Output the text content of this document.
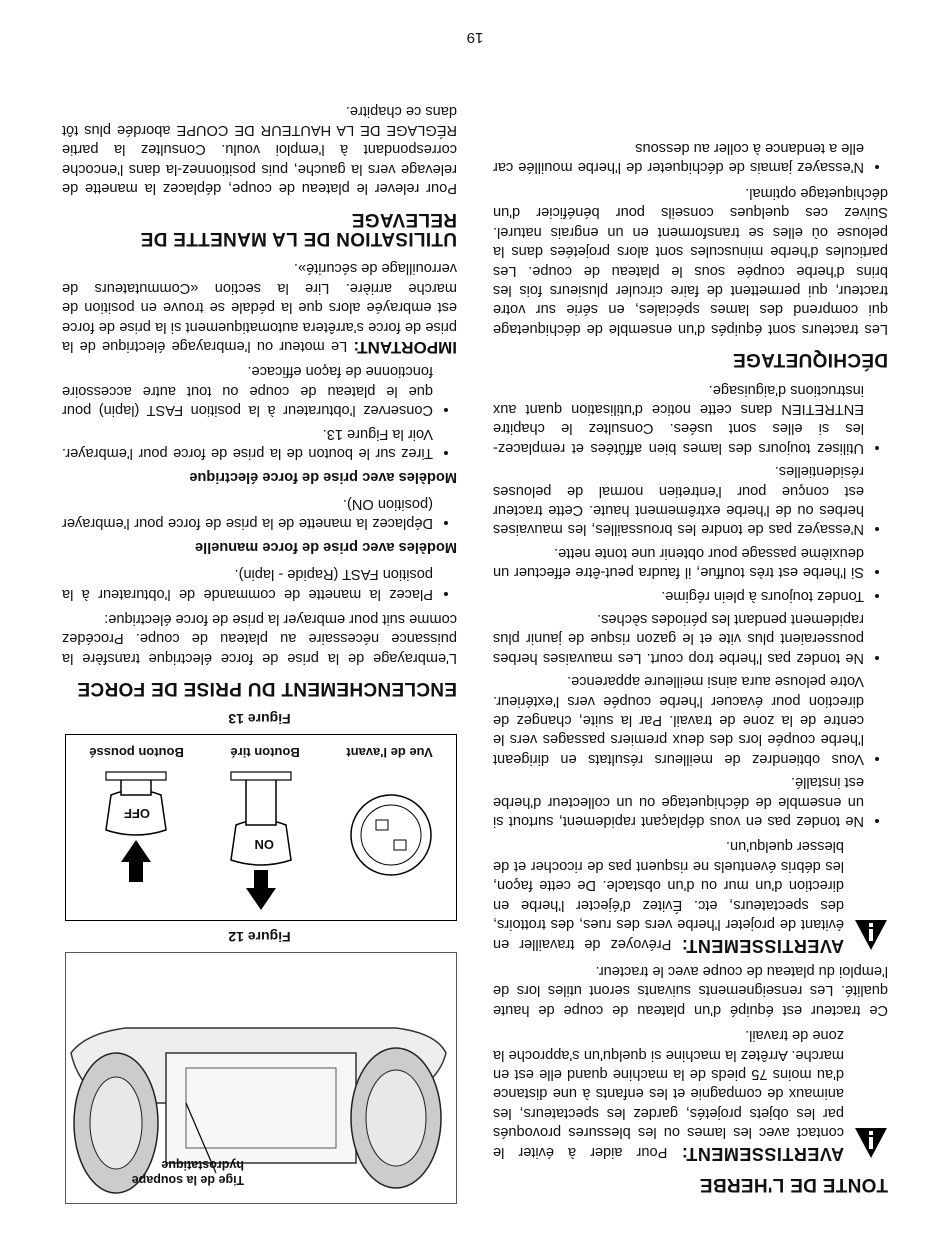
TONTE DE L'HERBE
AVERTISSEMENT: Pour aider à éviter le contact avec les lames ou les blessures provoqués par les objets projetés, gardez les spectateurs, les animaux de compagnie et les enfants à une distance d'au moins 75 pieds de la machine quand elle est en marche. Arrêtez la machine si quelqu'un s'approche la zone de travail.

Ce tracteur est équipé d'un plateau de coupe de haute qualité. Les renseignements suivants seront utiles lors de l'emploi du plateau de coupe avec le tracteur.

AVERTISSEMENT: Prévoyez de travailler en évitant de projeter l'herbe vers des rues, des trottoirs, des spectateurs, etc. Évitez d'éjecter l'herbe en direction d'un mur ou d'un obstacle. De cette façon, les débris éventuels ne risquent pas de ricocher et de blesser quelqu'un.
• Ne tondez pas en vous déplaçant rapidement, surtout si un ensemble de déchiquetage ou un collecteur d'herbe est installé.
• Vous obtiendrez de meilleurs résultats en dirigeant l'herbe coupée lors des deux premiers passages vers le centre de la zone de travail. Par la suite, changez de direction pour évacuer l'herbe coupée vers l'extérieur. Votre pelouse aura ainsi meilleure apparence.
• Ne tondez pas l'herbe trop court. Les mauvaises herbes pousseraient plus vite et le gazon risque de jaunir plus rapidement pendant les périodes sèches.
• Tondez toujours à plein régime.
• Si l'herbe est très touffue, il faudra peut-être effectuer un deuxième passage pour obtenir une tonte nette.
• N'essayez pas de tondre les broussailles, les mauvaises herbes ou de l'herbe extrêmement haute. Cette tracteur est conçue pour l'entretien normal de pelouses résidentielles.
• Utilisez toujours des lames bien affûtées et remplacez-les si elles sont usées. Consultez le chapitre ENTRETIEN dans cette notice d'utilisation quant aux instructions d'aiguisage.
DÉCHIQUETAGE

Les tracteurs sont équipés d'un ensemble de déchiquetage qui comprend des lames spéciales, en série sur votre tracteur, qui permettent de faire circuler plusieurs fois les brins d'herbe coupée sous le plateau de coupe. Les particules d'herbe minuscules sont alors projetées dans la pelouse où elles se transforment en un engrais naturel. Suivez ces quelques conseils pour bénéficier d'un déchiquetage optimal.

• N'essayez jamais de déchiqueter de l'herbe mouillée car elle a tendance à coller au dessous
Tige de la soupape hydrostatique
Figure 12
ON
OFF
Vue de l'avant
Bouton tiré
Bouton poussé
Figure 13
ENCLENCHEMENT DU PRISE DE FORCE

L'embrayage de la prise de force électrique transfère la puissance nécessaire au plateau de coupe. Procédez comme suit pour embrayer la prise de force électrique:

• Placez la manette de commande de l'obturateur à la position FAST (Rapide - lapin).
Modèles avec prise de force manuelle
• Déplacez la manette de la prise de force pour l'embrayer (position ON).
Modèles avec prise de force électrique
• Tirez sur le bouton de la prise de force pour l'embrayer. Voir la Figure 13.
• Conservez l'obturateur à la position FAST (lapin) pour que le plateau de coupe ou tout autre accessoire fonctionne de façon efficace.

IMPORTANT: Le moteur ou l'embrayage électrique de la prise de force s'arrêtera automatiquement si la prise de force est embrayée alors que la pédale se trouve en position de marche arrière. Lire la section «Commutateurs de verrouillage de sécurité».

UTILISATION DE LA MANETTE DE RELEVAGE

Pour relever le plateau de coupe, déplacez la manette de relevage vers la gauche, puis positionnez-la dans l'encoche correspondant à l'emploi voulu. Consultez la partie RÉGLAGE DE LA HAUTEUR DE COUPE abordée plus tôt dans ce chapitre.

19
